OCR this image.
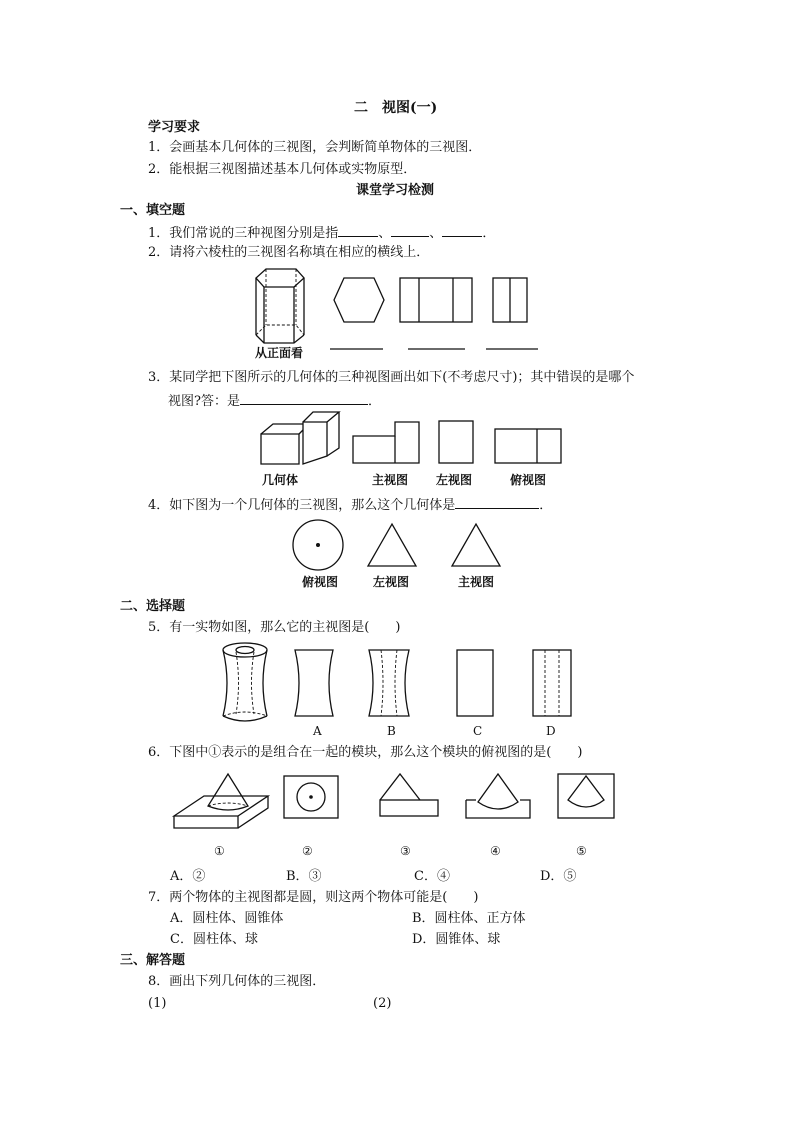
二　视图(一)
学习要求
1．会画基本几何体的三视图，会判断简单物体的三视图．
2．能根据三视图描述基本几何体或实物原型．
课堂学习检测
一、填空题
1．我们常说的三种视图分别是指	、	、	．
2．请将六棱柱的三视图名称填在相应的横线上．
从正面看
3．某同学把下图所示的几何体的三种视图画出如下(不考虑尺寸)；其中错误的是哪个
视图?答：是	．
几何体	主视图 左视图	俯视图
4．如下图为一个几何体的三视图，那么这个几何体是	．
俯视图	左视图	主视图
二、选择题
5．有一实物如图，那么它的主视图是(　　)
A	B	C	D
6．下图中①表示的是组合在一起的模块，那么这个模块的俯视图的是(　　)
①	②	③	④	⑤
A．②	B．③	C．④	D．⑤
7．两个物体的主视图都是圆，则这两个物体可能是(　　)
A．圆柱体、圆锥体	B．圆柱体、正方体
C．圆柱体、球	D．圆锥体、球
三、解答题
8．画出下列几何体的三视图．
(1)	(2)
